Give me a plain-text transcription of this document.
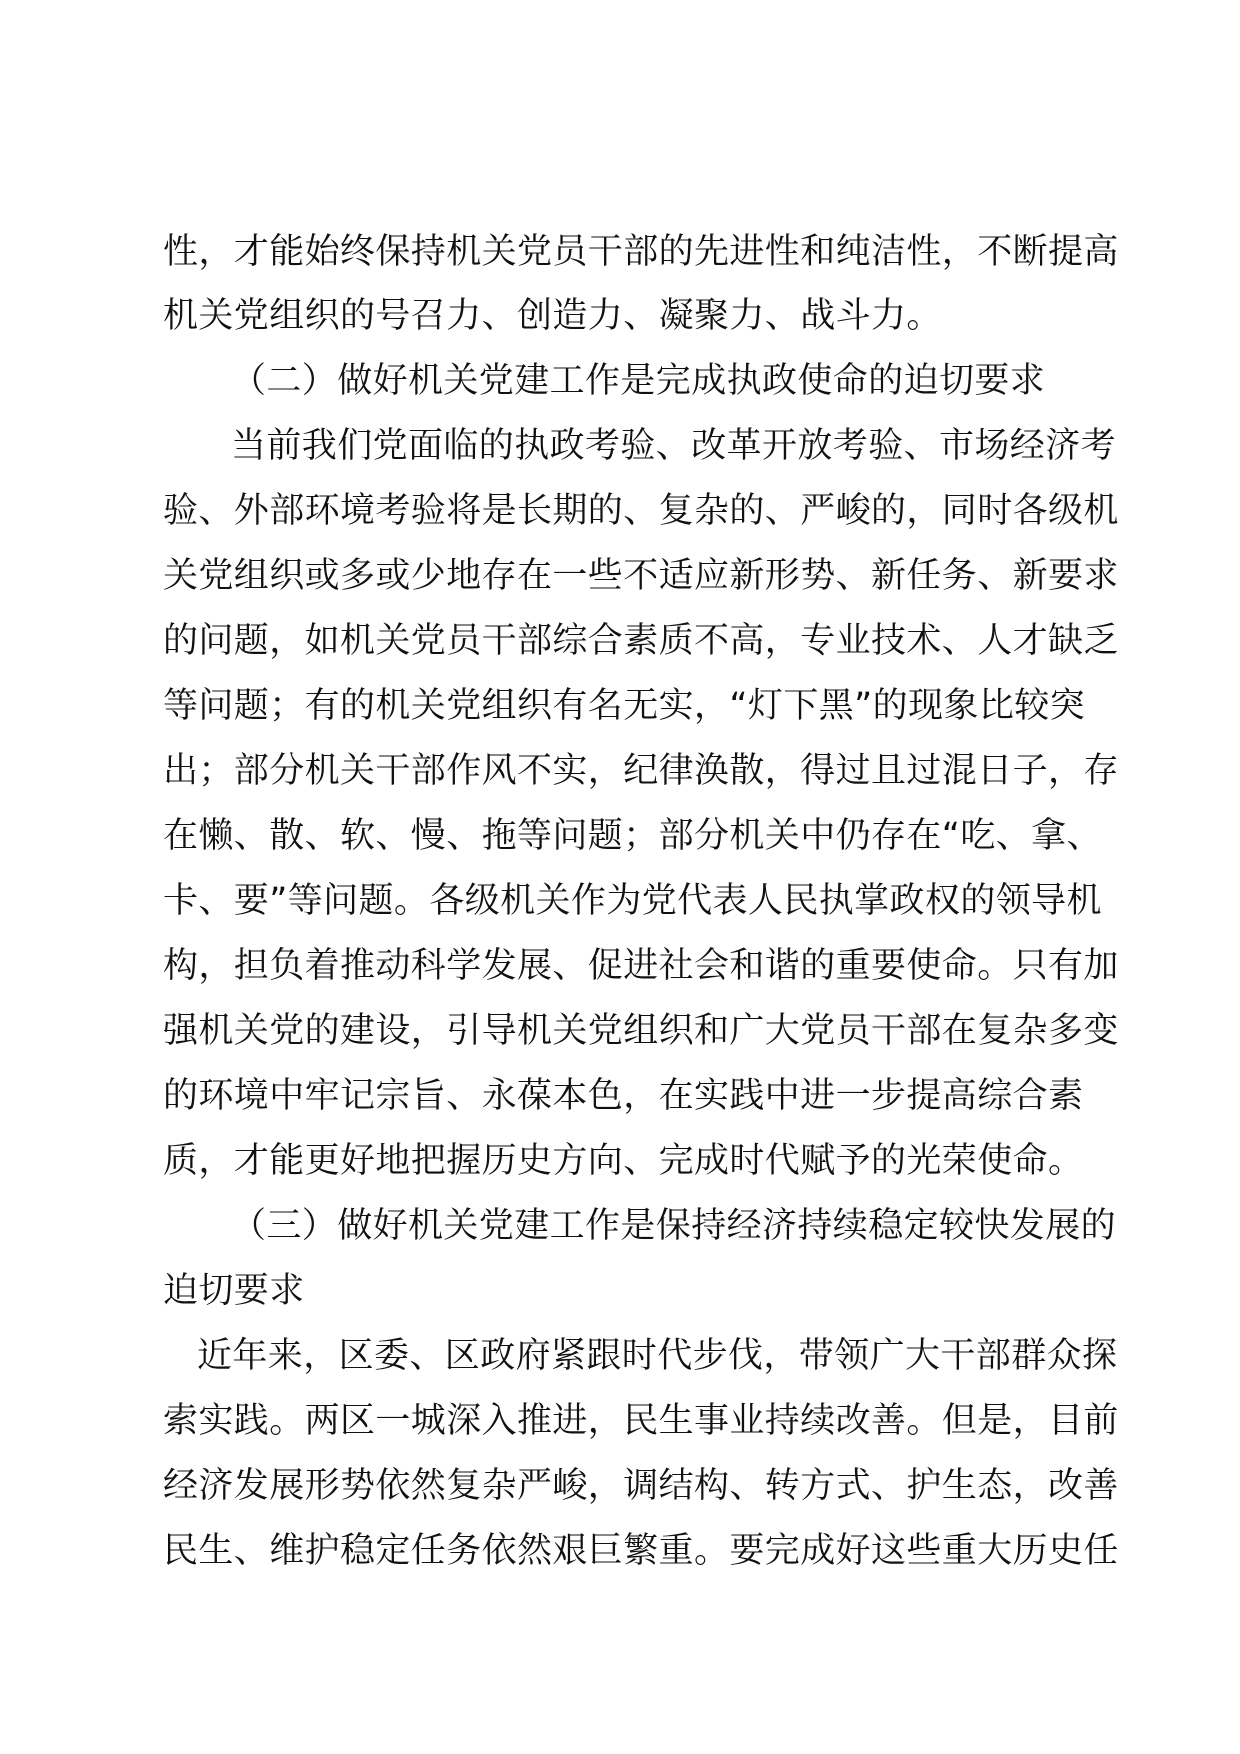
性，才能始终保持机关党员干部的先进性和纯洁性，不断提高
机关党组织的号召力、创造力、凝聚力、战斗力。
（二）做好机关党建工作是完成执政使命的迫切要求
当前我们党面临的执政考验、改革开放考验、市场经济考
验、外部环境考验将是长期的、复杂的、严峻的，同时各级机
关党组织或多或少地存在一些不适应新形势、新任务、新要求
的问题，如机关党员干部综合素质不高，专业技术、人才缺乏
等问题；有的机关党组织有名无实，“灯下黑”的现象比较突
出；部分机关干部作风不实，纪律涣散，得过且过混日子，存
在懒、散、软、慢、拖等问题；部分机关中仍存在“吃、拿、
卡、要”等问题。各级机关作为党代表人民执掌政权的领导机
构，担负着推动科学发展、促进社会和谐的重要使命。只有加
强机关党的建设，引导机关党组织和广大党员干部在复杂多变
的环境中牢记宗旨、永葆本色，在实践中进一步提高综合素
质，才能更好地把握历史方向、完成时代赋予的光荣使命。
（三）做好机关党建工作是保持经济持续稳定较快发展的
迫切要求
近年来，区委、区政府紧跟时代步伐，带领广大干部群众探
索实践。两区一城深入推进，民生事业持续改善。但是，目前
经济发展形势依然复杂严峻，调结构、转方式、护生态，改善
民生、维护稳定任务依然艰巨繁重。要完成好这些重大历史任
